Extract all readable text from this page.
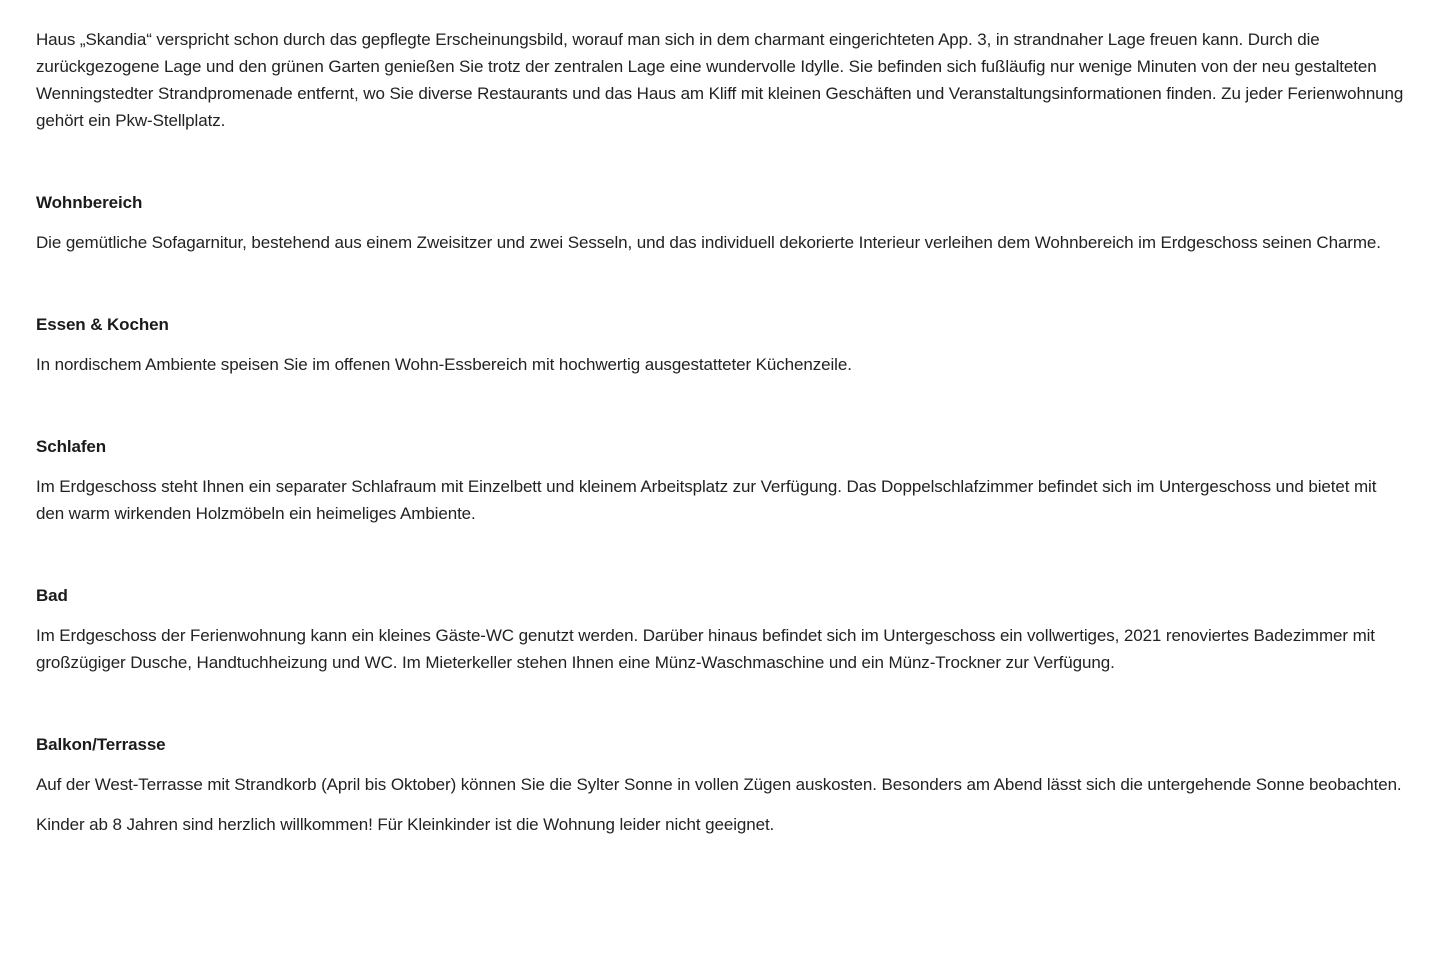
Haus „Skandia“ verspricht schon durch das gepflegte Erscheinungsbild, worauf man sich in dem charmant eingerichteten App. 3, in strandnaher Lage freuen kann. Durch die zurückgezogene Lage und den grünen Garten genießen Sie trotz der zentralen Lage eine wundervolle Idylle. Sie befinden sich fußläufig nur wenige Minuten von der neu gestalteten Wenningstedter Strandpromenade entfernt, wo Sie diverse Restaurants und das Haus am Kliff mit kleinen Geschäften und Veranstaltungsinformationen finden. Zu jeder Ferienwohnung gehört ein Pkw-Stellplatz.

Wohnbereich

Die gemütliche Sofagarnitur, bestehend aus einem Zweisitzer und zwei Sesseln, und das individuell dekorierte Interieur verleihen dem Wohnbereich im Erdgeschoss seinen Charme.

Essen & Kochen

In nordischem Ambiente speisen Sie im offenen Wohn-Essbereich mit hochwertig ausgestatteter Küchenzeile.

Schlafen

Im Erdgeschoss steht Ihnen ein separater Schlafraum mit Einzelbett und kleinem Arbeitsplatz zur Verfügung. Das Doppelschlafzimmer befindet sich im Untergeschoss und bietet mit den warm wirkenden Holzmöbeln ein heimeliges Ambiente.

Bad

Im Erdgeschoss der Ferienwohnung kann ein kleines Gäste-WC genutzt werden. Darüber hinaus befindet sich im Untergeschoss ein vollwertiges, 2021 renoviertes Badezimmer mit großzügiger Dusche, Handtuchheizung und WC. Im Mieterkeller stehen Ihnen eine Münz-Waschmaschine und ein Münz-Trockner zur Verfügung.

Balkon/Terrasse

Auf der West-Terrasse mit Strandkorb (April bis Oktober) können Sie die Sylter Sonne in vollen Zügen auskosten. Besonders am Abend lässt sich die untergehende Sonne beobachten.

Kinder ab 8 Jahren sind herzlich willkommen! Für Kleinkinder ist die Wohnung leider nicht geeignet.
